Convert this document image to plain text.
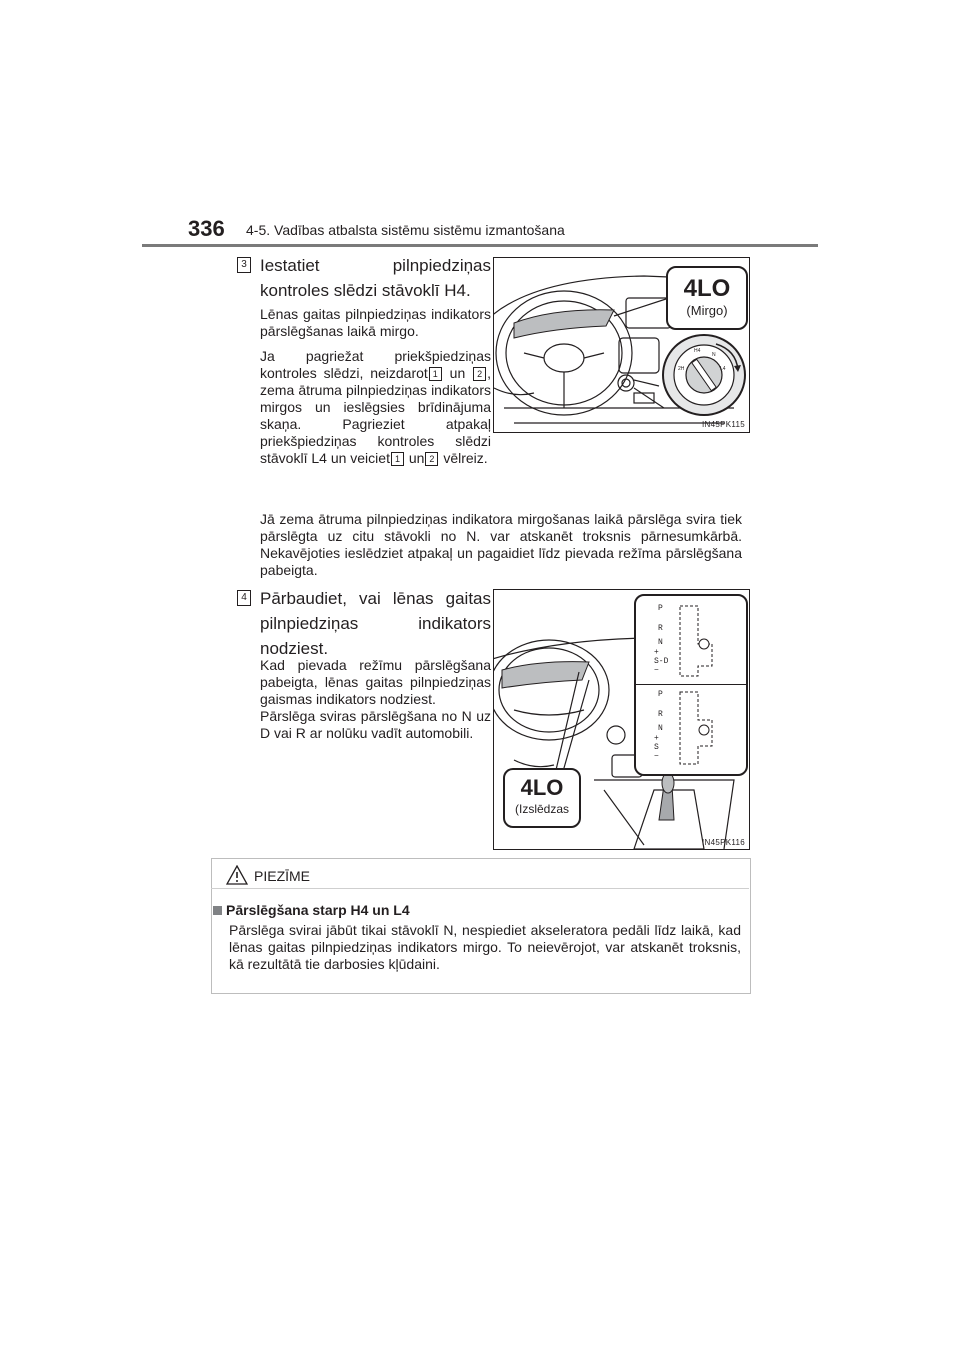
336 4-5. Vadības atbalsta sistēmu sistēmu izmantošana
3 Iestatiet pilnpiedziņas kontroles slēdzi stāvoklī H4.

Lēnas gaitas pilnpiedziņas indikators pārslēgšanas laikā mirgo.

Ja pagriežat priekšpiedziņas kontroles slēdzi, neizdarot 1 un 2 , zema ātruma pilnpiedziņas indikators mirgos un ieslēgsies brīdinājuma skaņa. Pagrieziet atpakaļ priekšpiedziņas kontroles slēdzi stāvoklī L4 un veiciet 1 un 2 vēlreiz.

Jā zema ātruma pilnpiedziņas indikatora mirgošanas laikā pārslēga svira tiek pārslēgta uz citu stāvokli no N. var atskanēt troksnis pārnesumkārbā. Nekavējoties ieslēdziet atpakaļ un pagaidiet līdz pievada režīma pārslēgšana pabeigta.
4LO
(Mirgo)
H4
L4
N
2H
IN45PK115
4 Pārbaudiet, vai lēnas gaitas pilnpiedziņas indikators nodziest.
Kad pievada režīmu pārslēgšana pabeigta, lēnas gaitas pilnpiedziņas gaismas indikators nodziest.
Pārslēga sviras pārslēgšana no N uz D vai R ar nolūku vadīt automobili.
P
R
N
+
S-D
−
P
R
N
+
S
−
4LO
(Izslēdzas
IN45PK116
PIEZĪME
Pārslēgšana starp H4 un L4
Pārslēga svirai jābūt tikai stāvoklī N, nespiediet akseleratora pedāli līdz laikā, kad lēnas gaitas pilnpiedziņas indikators mirgo. To neievērojot, var atskanēt troksnis, kā rezultātā tie darbosies kļūdaini.
